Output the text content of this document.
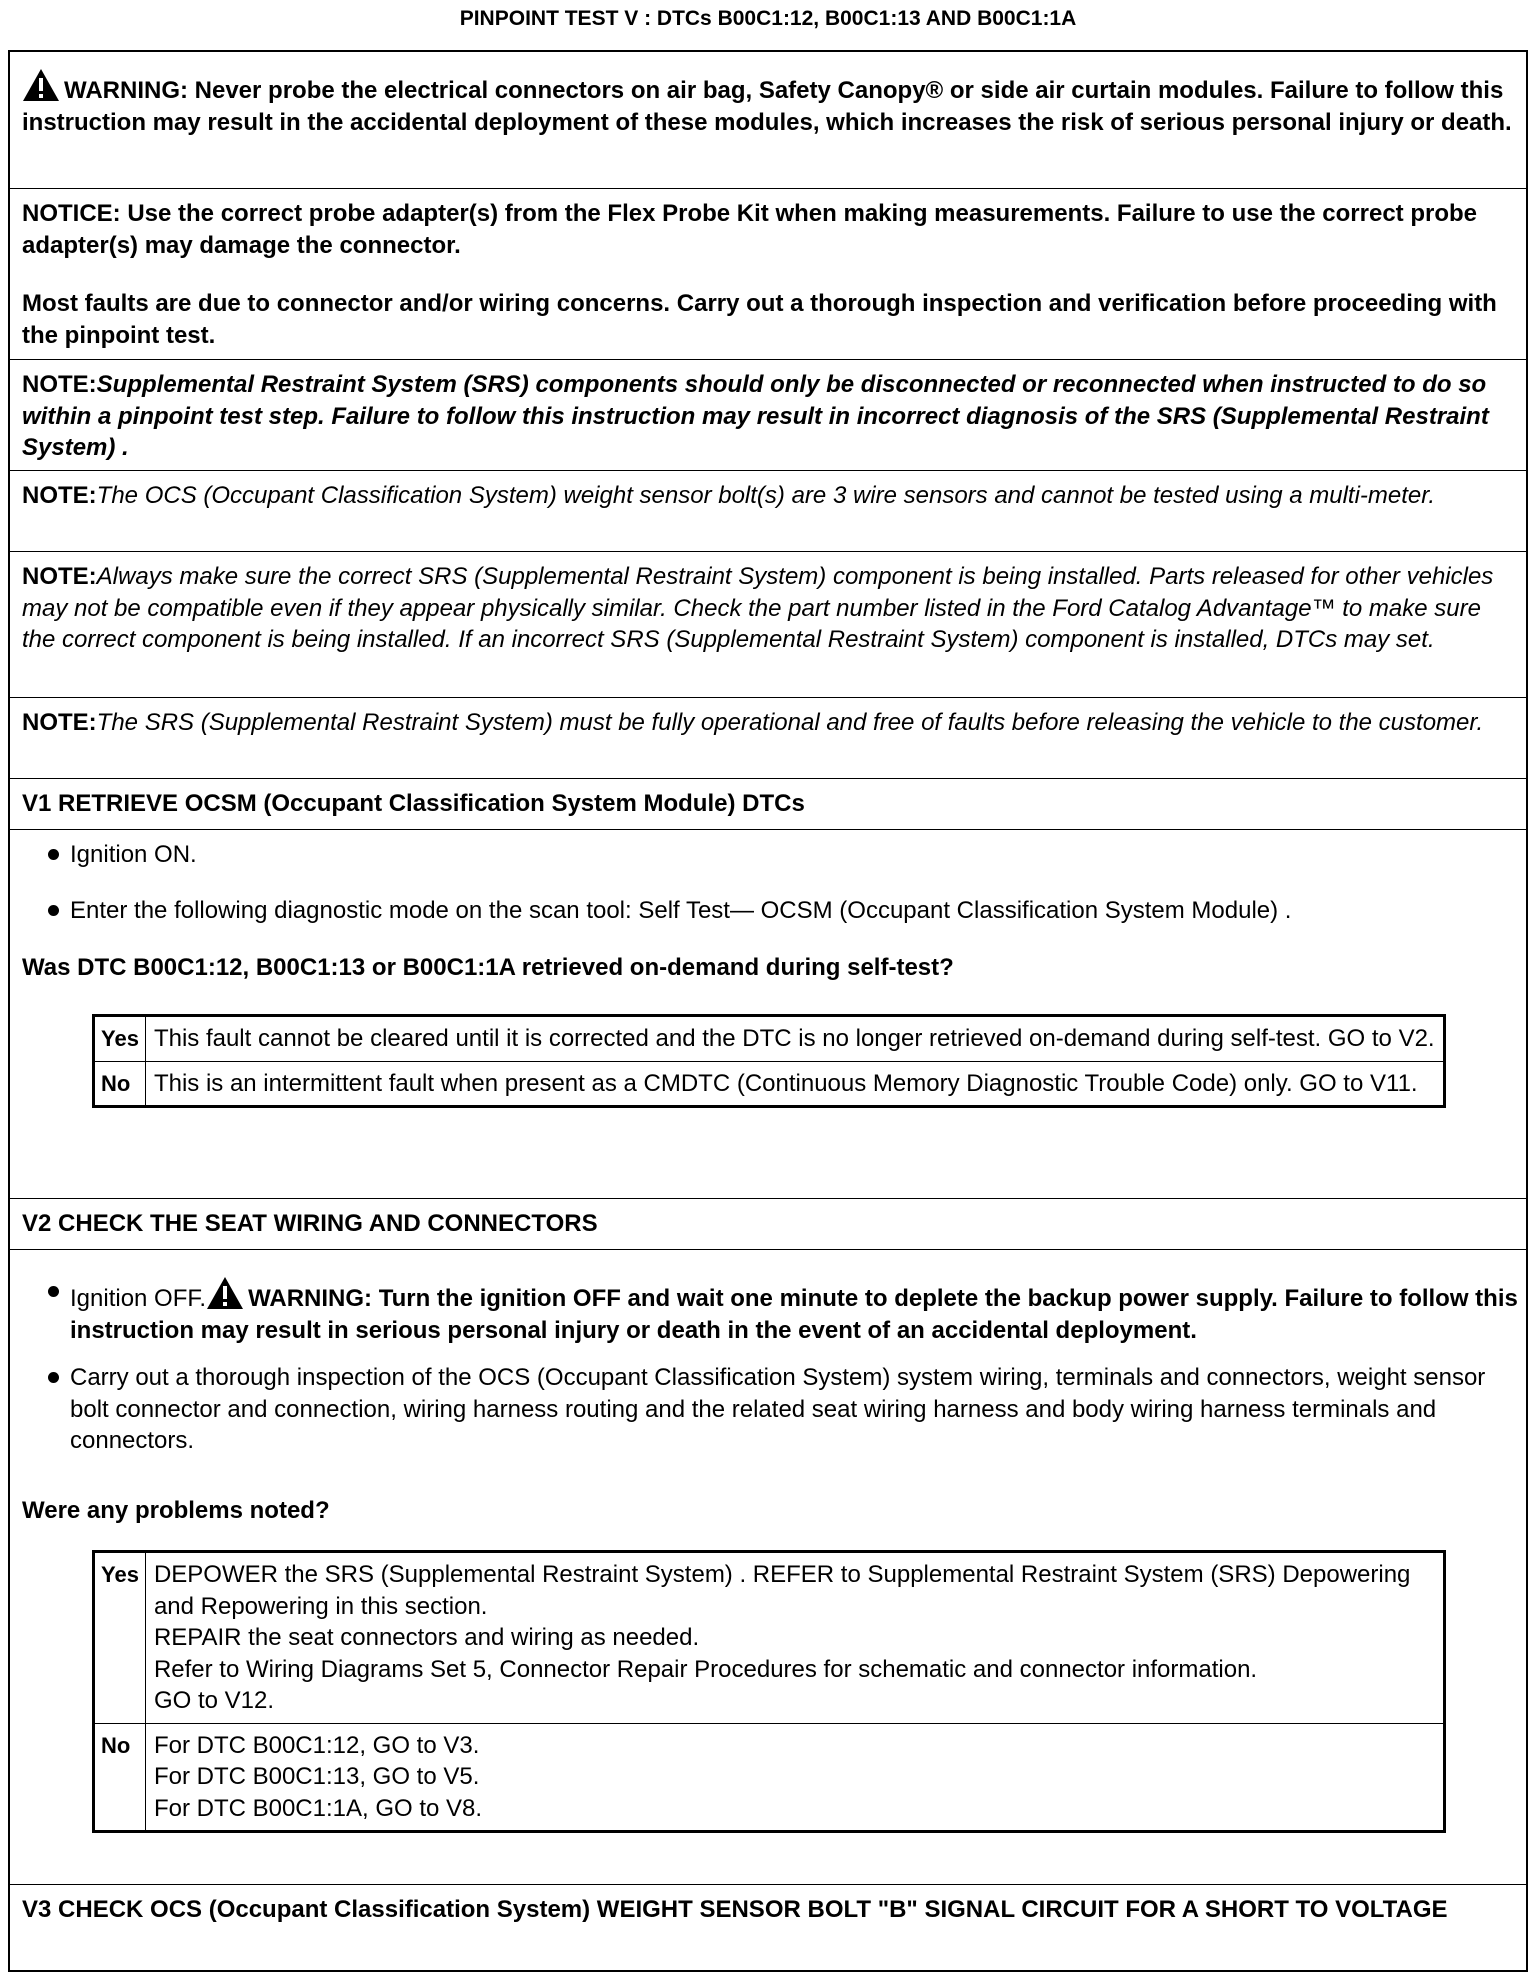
PINPOINT TEST V : DTCs B00C1:12, B00C1:13 AND B00C1:1A
WARNING: Never probe the electrical connectors on air bag, Safety Canopy® or side air curtain modules. Failure to follow this instruction may result in the accidental deployment of these modules, which increases the risk of serious personal injury or death.
NOTICE: Use the correct probe adapter(s) from the Flex Probe Kit when making measurements. Failure to use the correct probe adapter(s) may damage the connector.
Most faults are due to connector and/or wiring concerns. Carry out a thorough inspection and verification before proceeding with the pinpoint test.
NOTE:Supplemental Restraint System (SRS) components should only be disconnected or reconnected when instructed to do so within a pinpoint test step. Failure to follow this instruction may result in incorrect diagnosis of the SRS (Supplemental Restraint System) .
NOTE:The OCS (Occupant Classification System) weight sensor bolt(s) are 3 wire sensors and cannot be tested using a multi-meter.
NOTE:Always make sure the correct SRS (Supplemental Restraint System) component is being installed. Parts released for other vehicles may not be compatible even if they appear physically similar. Check the part number listed in the Ford Catalog Advantage™ to make sure the correct component is being installed. If an incorrect SRS (Supplemental Restraint System) component is installed, DTCs may set.
NOTE:The SRS (Supplemental Restraint System) must be fully operational and free of faults before releasing the vehicle to the customer.
V1 RETRIEVE OCSM (Occupant Classification System Module) DTCs
Ignition ON.
Enter the following diagnostic mode on the scan tool: Self Test— OCSM (Occupant Classification System Module) .
Was DTC B00C1:12, B00C1:13 or B00C1:1A retrieved on-demand during self-test?
Yes	This fault cannot be cleared until it is corrected and the DTC is no longer retrieved on-demand during self-test. GO to V2.
No	This is an intermittent fault when present as a CMDTC (Continuous Memory Diagnostic Trouble Code) only. GO to V11.
V2 CHECK THE SEAT WIRING AND CONNECTORS
Ignition OFF. WARNING: Turn the ignition OFF and wait one minute to deplete the backup power supply. Failure to follow this instruction may result in serious personal injury or death in the event of an accidental deployment.
Carry out a thorough inspection of the OCS (Occupant Classification System) system wiring, terminals and connectors, weight sensor bolt connector and connection, wiring harness routing and the related seat wiring harness and body wiring harness terminals and connectors.
Were any problems noted?
Yes	DEPOWER the SRS (Supplemental Restraint System) . REFER to Supplemental Restraint System (SRS) Depowering and Repowering in this section.
REPAIR the seat connectors and wiring as needed.
Refer to Wiring Diagrams Set 5, Connector Repair Procedures for schematic and connector information.
GO to V12.

No	For DTC B00C1:12, GO to V3.
For DTC B00C1:13, GO to V5.
For DTC B00C1:1A, GO to V8.
V3 CHECK OCS (Occupant Classification System) WEIGHT SENSOR BOLT "B" SIGNAL CIRCUIT FOR A SHORT TO VOLTAGE
